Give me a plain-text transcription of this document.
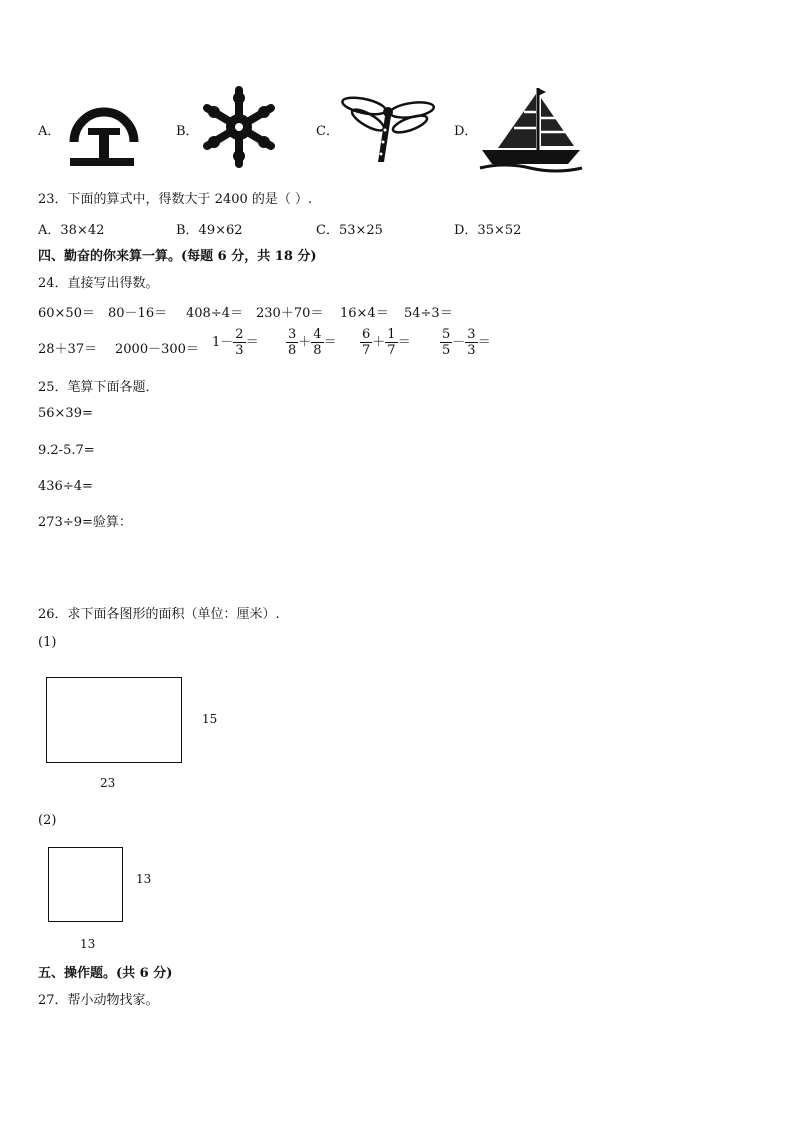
A．	B．	C．	D．
23．下面的算式中，得数大于 2400 的是（ ）.
A．38×42	B．49×62	C．53×25	D．35×52
四、勤奋的你来算一算。(每题 6 分，共 18 分)
24．直接写出得数。
60×50＝ 80－16＝ 408÷4＝ 230＋70＝ 16×4＝ 54÷3＝
$28+37= 2000-300= 1- \frac{2}{3} = \frac{3}{8} + \frac{4}{8} = \frac{6}{7} + \frac{1}{7} = \frac{5}{5} - \frac{3}{3}$ ＝
25．笔算下面各题．
56×39=
9.2-5.7=
436÷4=
273÷9=验算：
26．求下面各图形的面积（单位：厘米）.
(1)
15
23
(2)
13
13
五、操作题。(共 6 分)
27．帮小动物找家。
